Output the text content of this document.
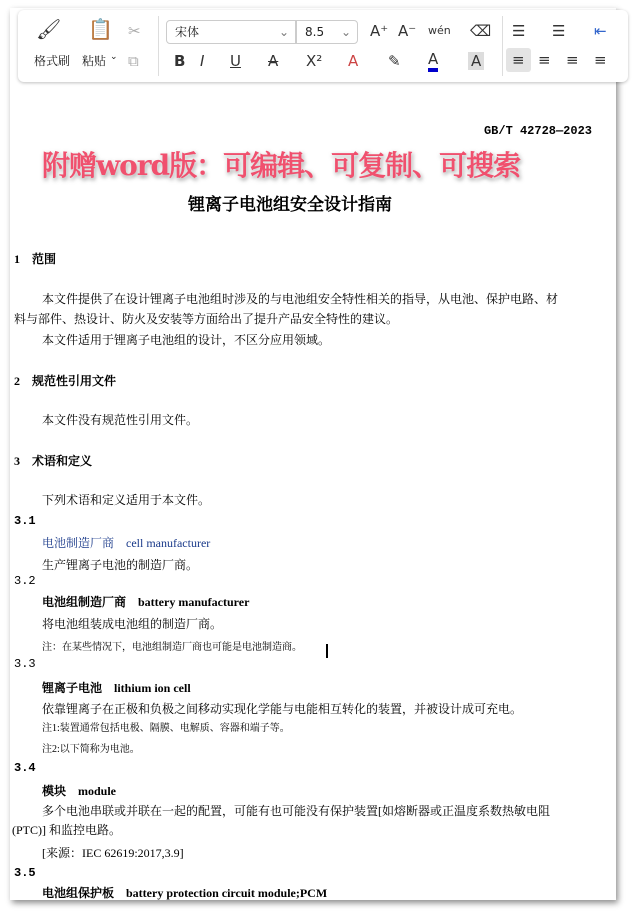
🖌
格式刷
📋
粘贴 ⌄
✂
⧉
宋体	⌄	8.5 ⌄ A⁺ A⁻ wén ⌫
B I U A X² A ✎ A A
☰ ☰ ⇤
≡ ≡ ≡ ≡
GB/T 42728—2023
附赠word版：可编辑、可复制、可搜索
锂离子电池组安全设计指南
1　范围
本文件提供了在设计锂离子电池组时涉及的与电池组安全特性相关的指导，从电池、保护电路、材
料与部件、热设计、防火及安装等方面给出了提升产品安全特性的建议。
本文件适用于锂离子电池组的设计，不区分应用领域。
2　规范性引用文件
本文件没有规范性引用文件。
3　术语和定义
下列术语和定义适用于本文件。
3.1
电池制造厂商　cell manufacturer
生产锂离子电池的制造厂商。
3.2
电池组制造厂商　battery manufacturer
将电池组装成电池组的制造厂商。
注：在某些情况下，电池组制造厂商也可能是电池制造商。
3.3
锂离子电池　lithium ion cell
依靠锂离子在正极和负极之间移动实现化学能与电能相互转化的装置，并被设计成可充电。
注1:装置通常包括电极、隔膜、电解质、容器和端子等。
注2:以下简称为电池。
3.4
模块　module
多个电池串联或并联在一起的配置，可能有也可能没有保护装置[如熔断器或正温度系数热敏电阻
(PTC)] 和监控电路。
[来源：IEC 62619:2017,3.9]
3.5
电池组保护板　battery protection circuit module;PCM
